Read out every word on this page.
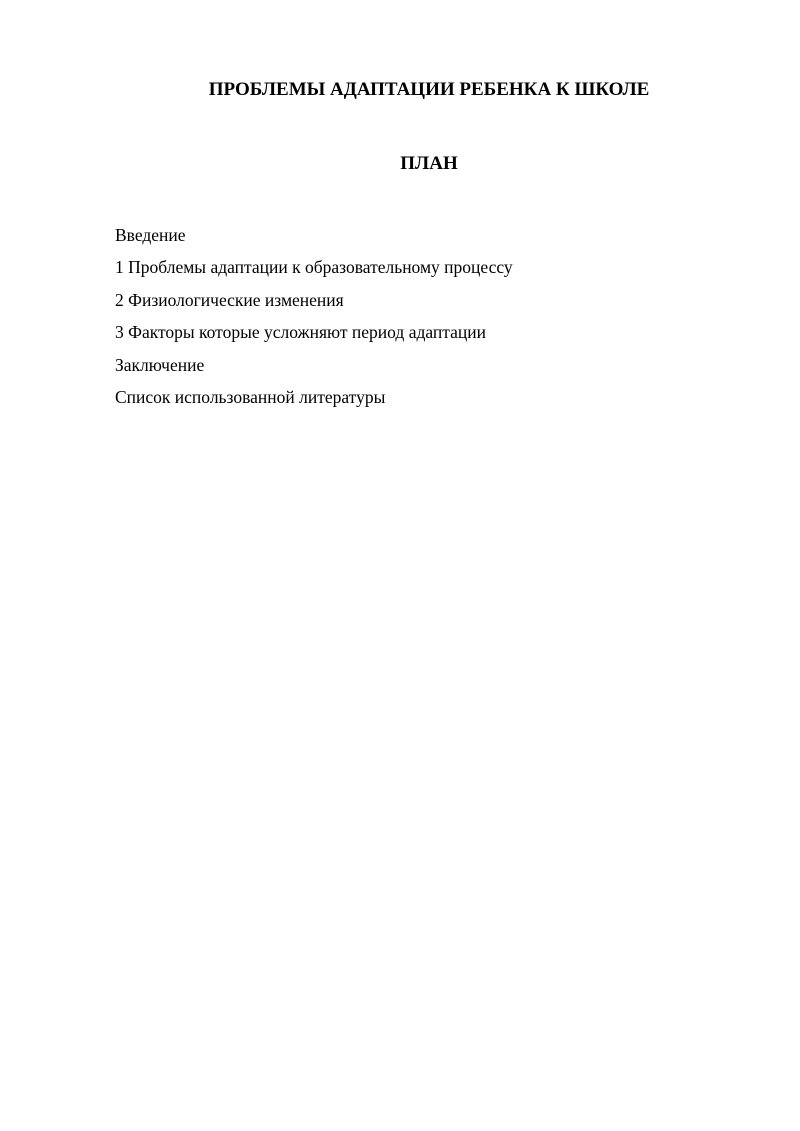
ПРОБЛЕМЫ АДАПТАЦИИ РЕБЕНКА К ШКОЛЕ
ПЛАН
Введение
1 Проблемы адаптации к образовательному процессу
2 Физиологические изменения
3 Факторы которые усложняют период адаптации
Заключение
Список использованной литературы
